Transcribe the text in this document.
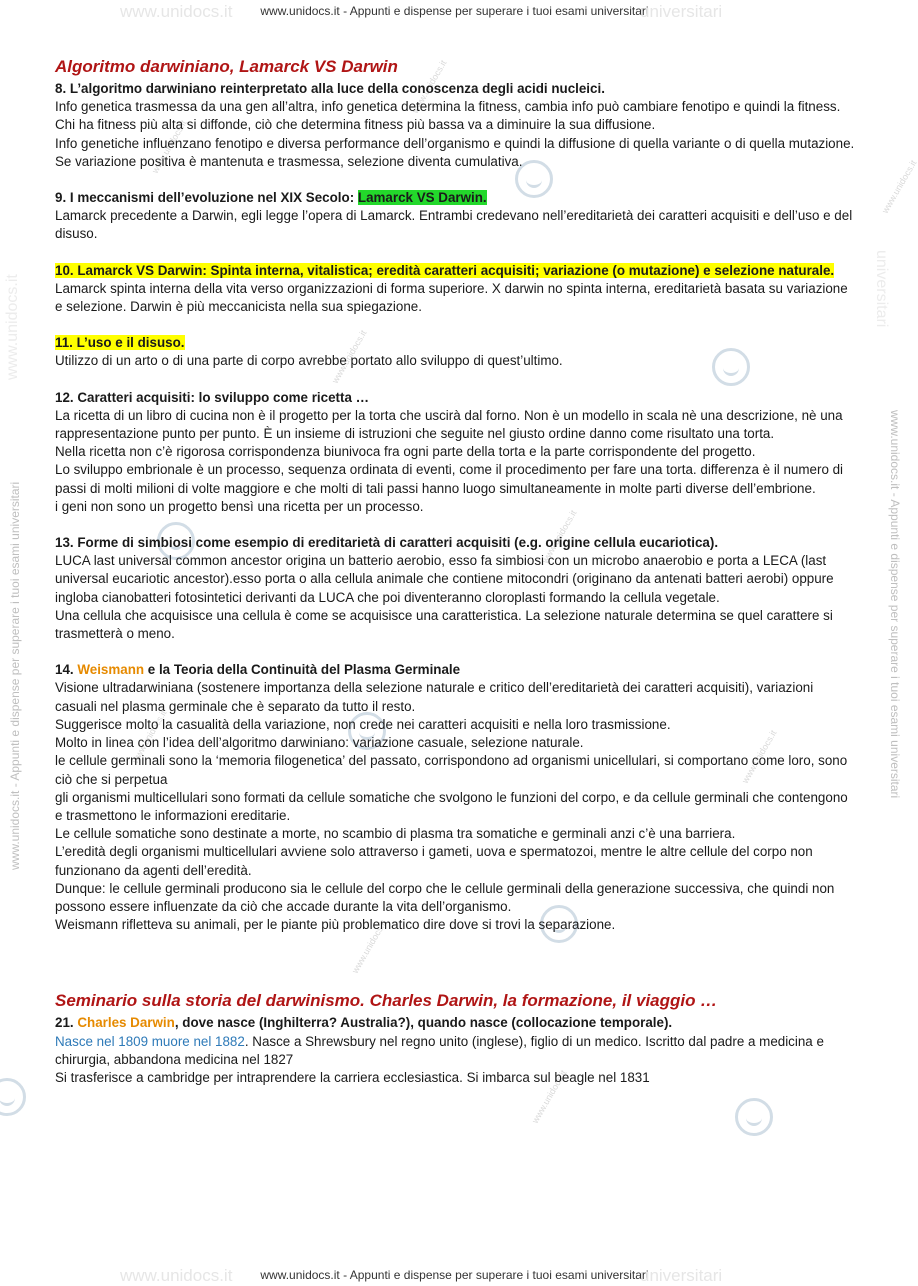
www.unidocs.it www.unidocs.it - Appunti e dispense per superare i tuoi esami universitari
universitari
www.unidocs.it	universitari
www.unidocs.it - Appunti e dispense per superare i tuoi esami universitari	www.unidocs.it - Appunti e dispense per superare i tuoi esami universitari
www.unidocs.it
www.unidocs.it
www.unidocs.it
www.unidocs.it
www.unidocs.it
www.unidocs.it
www.unidocs.it
www.unidocs.it
www.unidocs.it
Algoritmo darwiniano, Lamarck VS Darwin

8. L’algoritmo darwiniano reinterpretato alla luce della conoscenza degli acidi nucleici.

Info genetica trasmessa da una gen all’altra, info genetica determina la fitness, cambia info può cambiare fenotipo e quindi la fitness. Chi ha fitness più alta si diffonde, ciò che determina fitness più bassa va a diminuire la sua diffusione.

Info genetiche influenzano fenotipo e diversa performance dell’organismo e quindi la diffusione di quella variante o di quella mutazione. Se variazione positiva è mantenuta e trasmessa, selezione diventa cumulativa.

9. I meccanismi dell’evoluzione nel XIX Secolo: Lamarck VS Darwin.

Lamarck precedente a Darwin, egli legge l’opera di Lamarck. Entrambi credevano nell’ereditarietà dei caratteri acquisiti e dell’uso e del disuso.

10. Lamarck VS Darwin: Spinta interna, vitalistica; eredità caratteri acquisiti; variazione (o mutazione) e selezione naturale.

Lamarck spinta interna della vita verso organizzazioni di forma superiore. X darwin no spinta interna, ereditarietà basata su variazione e selezione. Darwin è più meccanicista nella sua spiegazione.

11. L’uso e il disuso.

Utilizzo di un arto o di una parte di corpo avrebbe portato allo sviluppo di quest’ultimo.

12. Caratteri acquisiti: lo sviluppo come ricetta …

La ricetta di un libro di cucina non è il progetto per la torta che uscirà dal forno. Non è un modello in scala nè una descrizione, nè una rappresentazione punto per punto. È un insieme di istruzioni che seguite nel giusto ordine danno come risultato una torta.

Nella ricetta non c’è rigorosa corrispondenza biunivoca fra ogni parte della torta e la parte corrispondente del progetto.

Lo sviluppo embrionale è un processo, sequenza ordinata di eventi, come il procedimento per fare una torta. differenza è il numero di passi di molti milioni di volte maggiore e che molti di tali passi hanno luogo simultaneamente in molte parti diverse dell’embrione.

i geni non sono un progetto bensì una ricetta per un processo.

13. Forme di simbiosi come esempio di ereditarietà di caratteri acquisiti (e.g. origine cellula eucariotica).

LUCA last universal common ancestor origina un batterio aerobio, esso fa simbiosi con un microbo anaerobio e porta a LECA (last universal eucariotic ancestor).esso porta o alla cellula animale che contiene mitocondri (originano da antenati batteri aerobi) oppure ingloba cianobatteri fotosintetici derivanti da LUCA che poi diventeranno cloroplasti formando la cellula vegetale.

Una cellula che acquisisce una cellula è come se acquisisce una caratteristica. La selezione naturale determina se quel carattere si trasmetterà o meno.

14. Weismann e la Teoria della Continuità del Plasma Germinale

Visione ultradarwiniana (sostenere importanza della selezione naturale e critico dell’ereditarietà dei caratteri acquisiti), variazioni casuali nel plasma germinale che è separato da tutto il resto.

Suggerisce molto la casualità della variazione, non crede nei caratteri acquisiti e nella loro trasmissione.

Molto in linea con l’idea dell’algoritmo darwiniano: variazione casuale, selezione naturale.

le cellule germinali sono la ‘memoria filogenetica’ del passato, corrispondono ad organismi unicellulari, si comportano come loro, sono ciò che si perpetua

gli organismi multicellulari sono formati da cellule somatiche che svolgono le funzioni del corpo, e da cellule germinali che contengono e trasmettono le informazioni ereditarie.

Le cellule somatiche sono destinate a morte, no scambio di plasma tra somatiche e germinali anzi c’è una barriera.

L’eredità degli organismi multicellulari avviene solo attraverso i gameti, uova e spermatozoi, mentre le altre cellule del corpo non funzionano da agenti dell’eredità.

Dunque: le cellule germinali producono sia le cellule del corpo che le cellule germinali della generazione successiva, che quindi non possono essere influenzate da ciò che accade durante la vita dell’organismo.

Weismann rifletteva su animali, per le piante più problematico dire dove si trovi la separazione.

Seminario sulla storia del darwinismo. Charles Darwin, la formazione, il viaggio …

21. Charles Darwin, dove nasce (Inghilterra? Australia?), quando nasce (collocazione temporale).

Nasce nel 1809 muore nel 1882. Nasce a Shrewsbury nel regno unito (inglese), figlio di un medico. Iscritto dal padre a medicina e chirurgia, abbandona medicina nel 1827

Si trasferisce a cambridge per intraprendere la carriera ecclesiastica. Si imbarca sul beagle nel 1831

www.unidocs.it www.unidocs.it - Appunti e dispense per superare i tuoi esami universitari
universitari
